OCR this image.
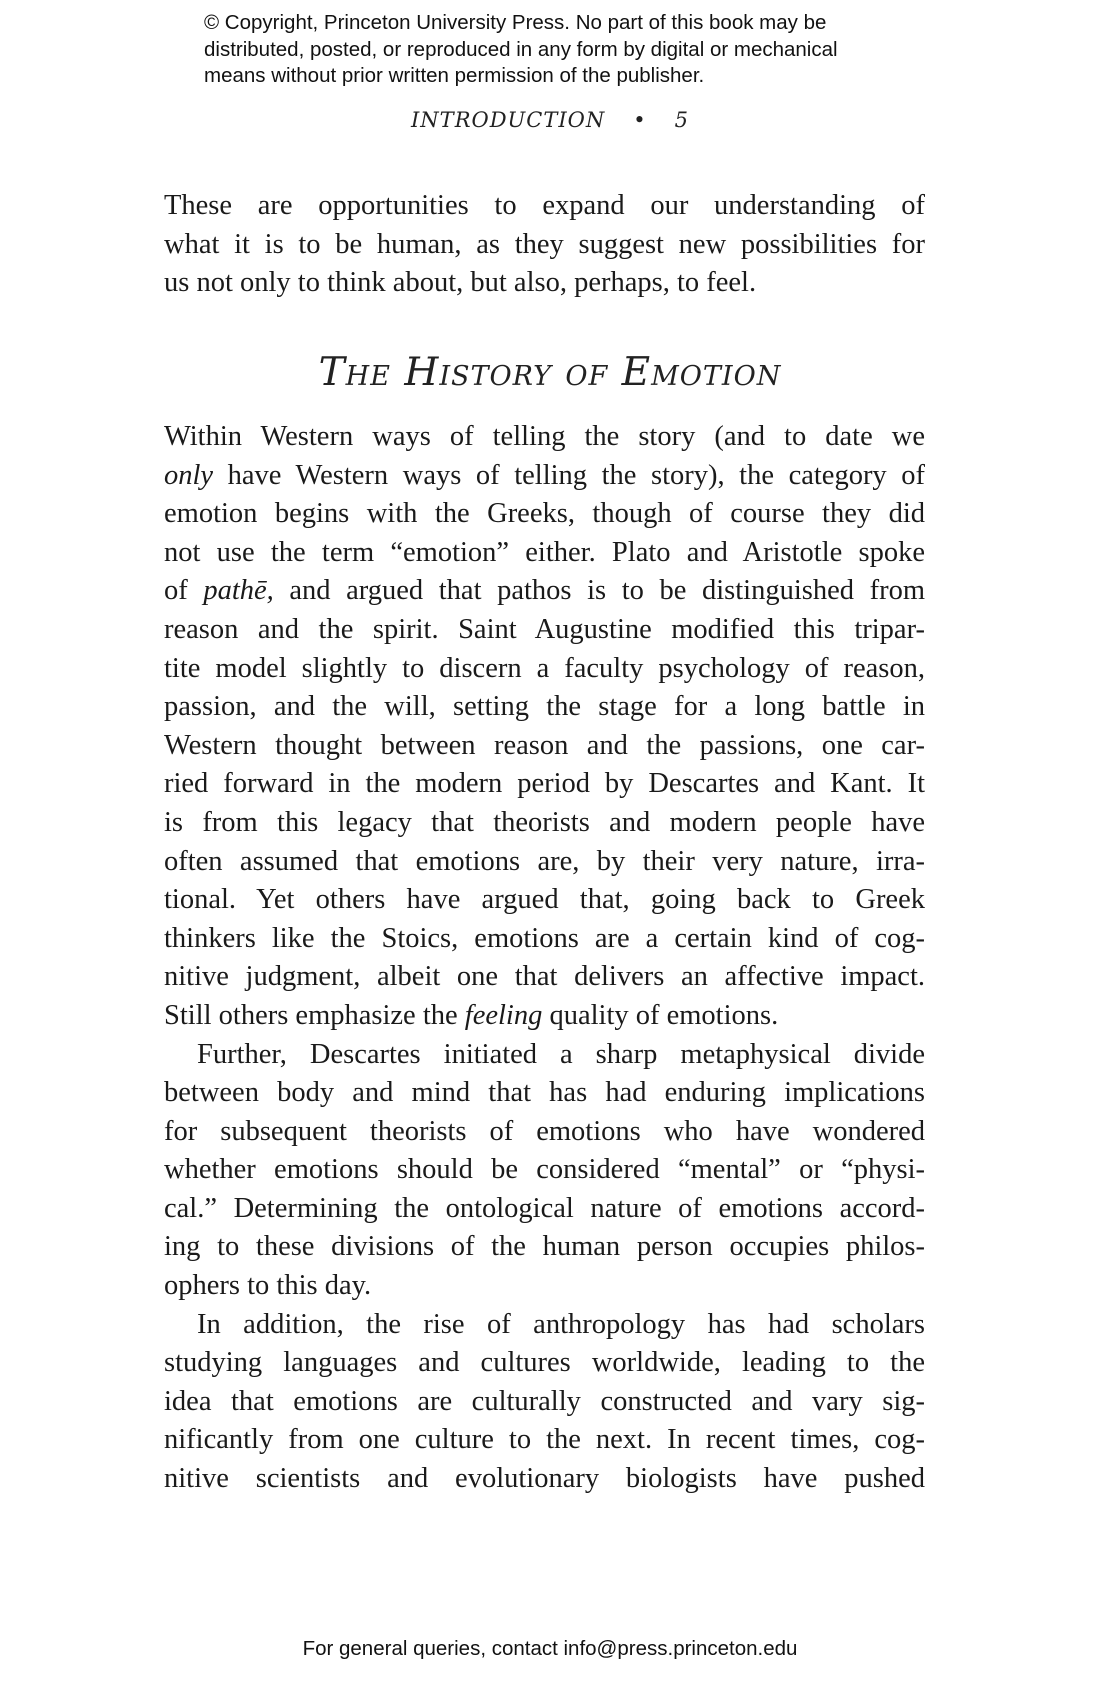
© Copyright, Princeton University Press. No part of this book may be
distributed, posted, or reproduced in any form by digital or mechanical
means without prior written permission of the publisher.
INTRODUCTION • 5
These are opportunities to expand our understanding of
what it is to be human, as they suggest new possibilities for
us not only to think about, but also, perhaps, to feel.
The History of Emotion
Within Western ways of telling the story (and to date we
only have Western ways of telling the story), the category of
emotion begins with the Greeks, though of course they did
not use the term “emotion” either. Plato and Aristotle spoke
of pathē, and argued that pathos is to be distinguished from
reason and the spirit. Saint Augustine modified this tripar-
tite model slightly to discern a faculty psychology of reason,
passion, and the will, setting the stage for a long battle in
Western thought between reason and the passions, one car-
ried forward in the modern period by Descartes and Kant. It
is from this legacy that theorists and modern people have
often assumed that emotions are, by their very nature, irra-
tional. Yet others have argued that, going back to Greek
thinkers like the Stoics, emotions are a certain kind of cog-
nitive judgment, albeit one that delivers an affective impact.
Still others emphasize the feeling quality of emotions.
Further, Descartes initiated a sharp metaphysical divide
between body and mind that has had enduring implications
for subsequent theorists of emotions who have wondered
whether emotions should be considered “mental” or “physi-
cal.” Determining the ontological nature of emotions accord-
ing to these divisions of the human person occupies philos-
ophers to this day.
In addition, the rise of anthropology has had scholars
studying languages and cultures worldwide, leading to the
idea that emotions are culturally constructed and vary sig-
nificantly from one culture to the next. In recent times, cog-
nitive scientists and evolutionary biologists have pushed
For general queries, contact info@press.princeton.edu
